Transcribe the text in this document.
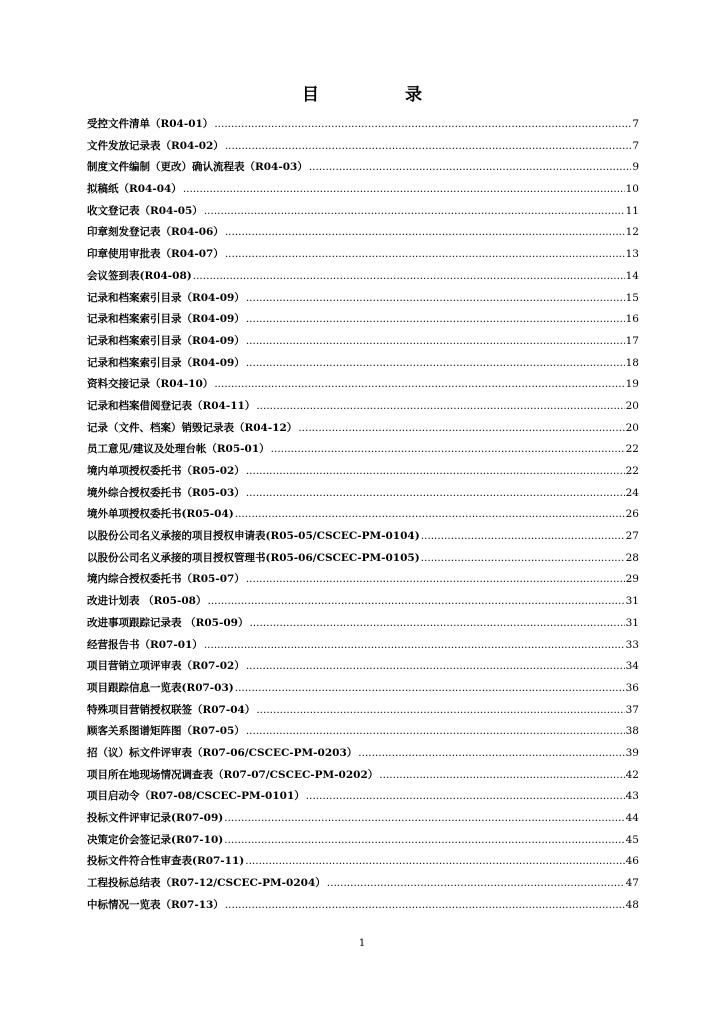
目 录
受控文件清单（R04-01） .....	7
文件发放记录表（R04-02） .....	7
制度文件编制（更改）确认流程表（R04-03） .....	9
拟稿纸（R04-04） .....	10
收文登记表（R04-05） .....	11
印章刻发登记表（R04-06） .....	12
印章使用审批表（R04-07） .....	13
会议签到表(R04-08) .....	14
记录和档案索引目录（R04-09） .....	15
记录和档案索引目录（R04-09） .....	16
记录和档案索引目录（R04-09） .....	17
记录和档案索引目录（R04-09） .....	18
资料交接记录（R04-10） .....	19
记录和档案借阅登记表（R04-11） .....	20
记录（文件、档案）销毁记录表（R04-12） .....	20
员工意见/建议及处理台帐（R05-01） .....	22
境内单项授权委托书（R05-02） .....	22
境外综合授权委托书（R05-03） .....	24
境外单项授权委托书(R05-04) .....	26
以股份公司名义承接的项目授权申请表(R05-05/CSCEC-PM-0104) .....	27
以股份公司名义承接的项目授权管理书(R05-06/CSCEC-PM-0105) .....	28
境内综合授权委托书（R05-07） .....	29
改进计划表 （R05-08） .....	31
改进事项跟踪记录表 （R05-09） .....	31
经营报告书（R07-01） .....	33
项目营销立项评审表（R07-02） .....	34
项目跟踪信息一览表(R07-03) .....	36
特殊项目营销授权联签（R07-04） .....	37
顾客关系图谱矩阵图（R07-05） .....	38
招（议）标文件评审表（R07-06/CSCEC-PM-0203） .....	39
项目所在地现场情况调查表（R07-07/CSCEC-PM-0202） .....	42
项目启动令（R07-08/CSCEC-PM-0101） .....	43
投标文件评审记录(R07-09) .....	44
决策定价会签记录(R07-10) .....	45
投标文件符合性审查表(R07-11) .....	46
工程投标总结表（R07-12/CSCEC-PM-0204） .....	47
中标情况一览表（R07-13） .....	48
1
